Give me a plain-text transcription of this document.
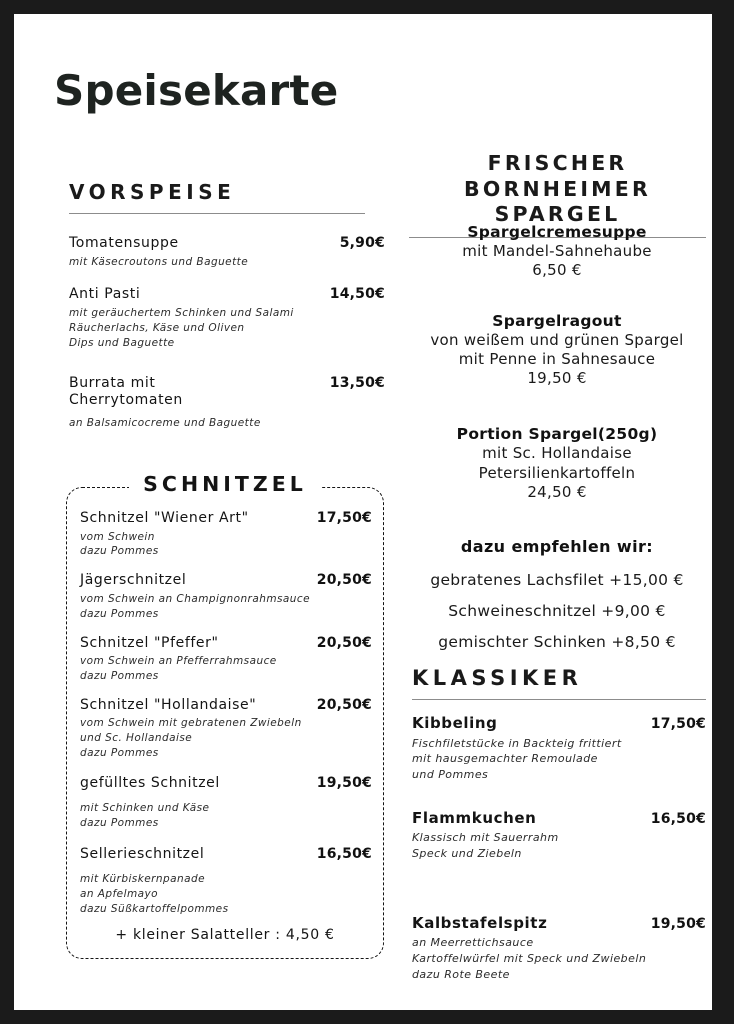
Speisekarte
VORSPEISE
Tomatensuppe	5,90€
mit Käsecroutons und Baguette
Anti Pasti	14,50€
mit geräuchertem Schinken und Salami
Räucherlachs, Käse und Oliven
Dips und Baguette
Burrata mit
Cherrytomaten
13,50€
an Balsamicocreme und Baguette
SCHNITZEL
Schnitzel "Wiener Art"	17,50€
vom Schwein
dazu Pommes
Jägerschnitzel	20,50€
vom Schwein an Champignonrahmsauce
dazu Pommes
Schnitzel "Pfeffer"	20,50€
vom Schwein an Pfefferrahmsauce
dazu Pommes
Schnitzel "Hollandaise"	20,50€
vom Schwein mit gebratenen Zwiebeln
und Sc. Hollandaise
dazu Pommes
gefülltes Schnitzel	19,50€
mit Schinken und Käse
dazu Pommes
Sellerieschnitzel	16,50€
mit Kürbiskernpanade
an Apfelmayo
dazu Süßkartoffelpommes
+ kleiner Salatteller : 4,50 €
FRISCHER BORNHEIMER
SPARGEL
Spargelcremesuppe
mit Mandel-Sahnehaube
6,50 €
Spargelragout
von weißem und grünen Spargel
mit Penne in Sahnesauce
19,50 €
Portion Spargel(250g)
mit Sc. Hollandaise
Petersilienkartoffeln
24,50 €
dazu empfehlen wir:
gebratenes Lachsfilet +15,00 €
Schweineschnitzel +9,00 €
gemischter Schinken +8,50 €
KLASSIKER
Kibbeling	17,50€
Fischfiletstücke in Backteig frittiert
mit hausgemachter Remoulade
und Pommes
Flammkuchen	16,50€
Klassisch mit Sauerrahm
Speck und Ziebeln
Kalbstafelspitz	19,50€
an Meerrettichsauce
Kartoffelwürfel mit Speck und Zwiebeln
dazu Rote Beete
